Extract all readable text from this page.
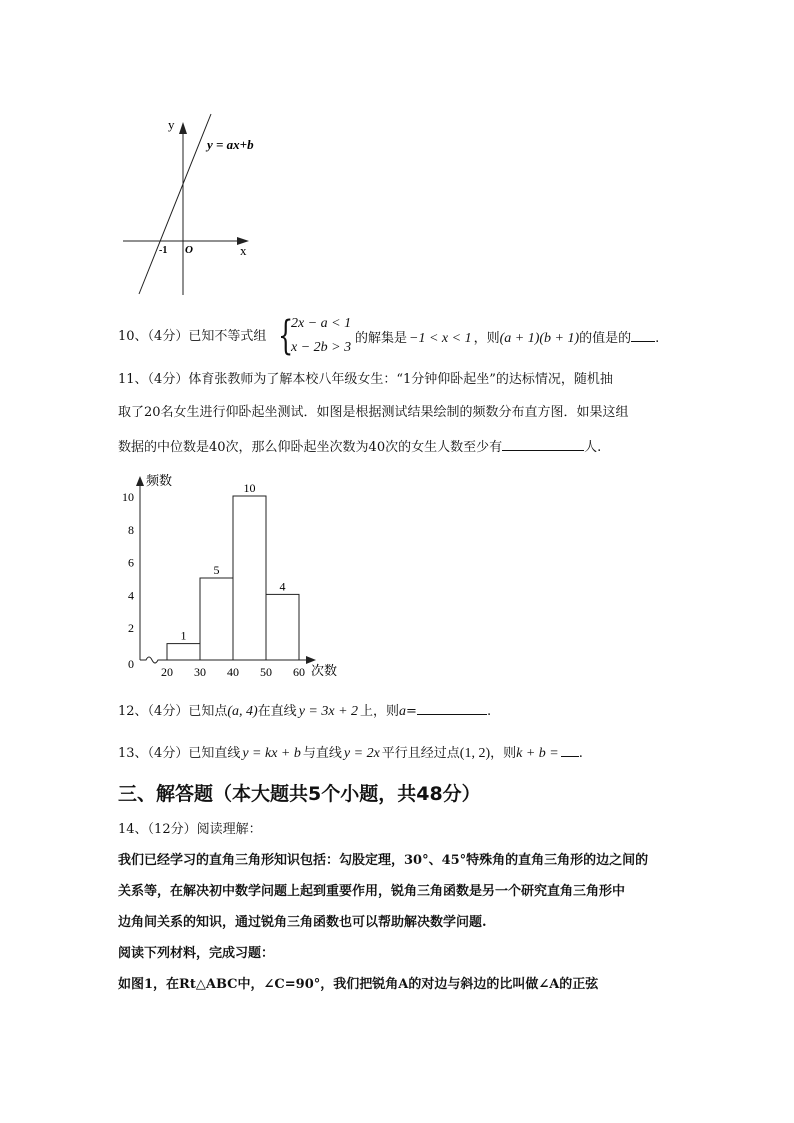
y
x
O
-1
y = ax+b
10、（4分）已知不等式组 {
2x − a < 1
x − 2b > 3
的解集是 −1 < x < 1 ，则(a + 1)(b + 1)的值是的 .
11、（4分）体育张教师为了解本校八年级女生：“1分钟仰卧起坐”的达标情况，随机抽
取了20名女生进行仰卧起坐测试．如图是根据测试结果绘制的频数分布直方图．如果这组
数据的中位数是40次，那么仰卧起坐次数为40次的女生人数至少有	人.
频数
次数
0
2
4
6
8
10
20 30 40 50 60
1
5
10
4
12、（4分）已知点(a, 4)在直线 y = 3x + 2 上，则a=	.
13、（4分）已知直线 y = kx + b 与直线 y = 2x 平行且经过点(1, 2)，则k + b = .
三、解答题（本大题共5个小题，共48分）
14、（12分）阅读理解：
我们已经学习的直角三角形知识包括：勾股定理，30°、45°特殊角的直角三角形的边之间的
关系等，在解决初中数学问题上起到重要作用，锐角三角函数是另一个研究直角三角形中
边角间关系的知识，通过锐角三角函数也可以帮助解决数学问题.
阅读下列材料，完成习题：
如图1，在Rt△ABC中，∠C=90°，我们把锐角A的对边与斜边的比叫做∠A的正弦
